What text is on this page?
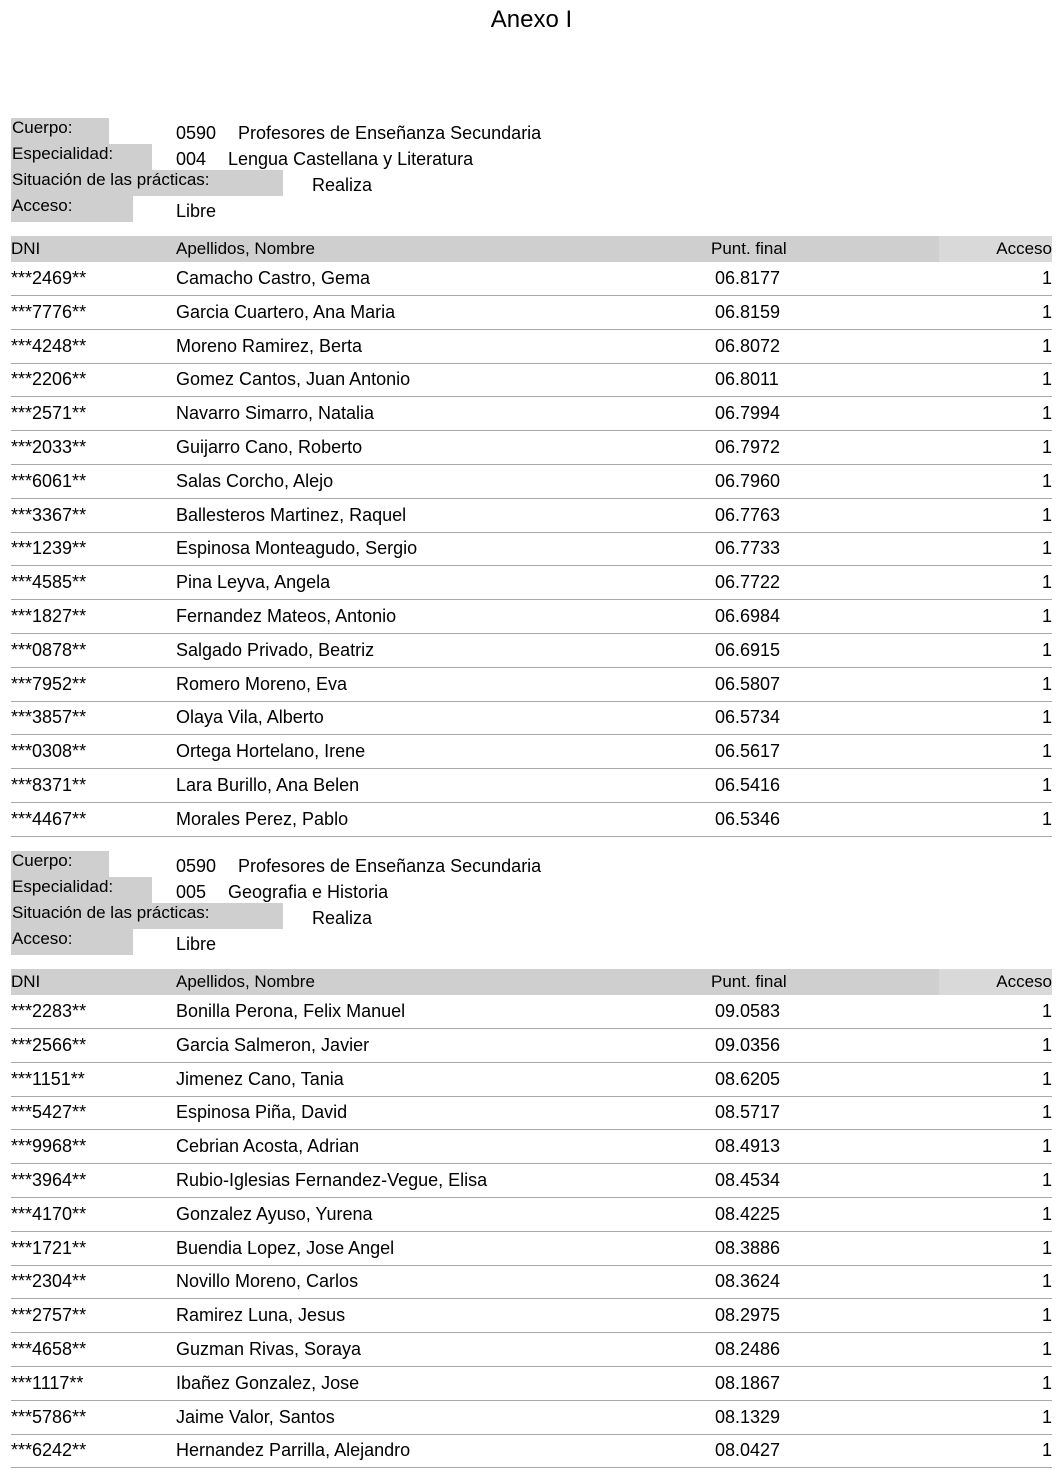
Anexo I
Cuerpo:	0590 Profesores de Enseñanza Secundaria
Especialidad:	004 Lengua Castellana y Literatura
Situación de las prácticas:	Realiza
Acceso:	Libre
DNI	Apellidos, Nombre	Punt. final	Acceso
***2469**	Camacho Castro, Gema	06.8177	1
***7776**	Garcia Cuartero, Ana Maria	06.8159	1
***4248**	Moreno Ramirez, Berta	06.8072	1
***2206**	Gomez Cantos, Juan Antonio	06.8011	1
***2571**	Navarro Simarro, Natalia	06.7994	1
***2033**	Guijarro Cano, Roberto	06.7972	1
***6061**	Salas Corcho, Alejo	06.7960	1
***3367**	Ballesteros Martinez, Raquel	06.7763	1
***1239**	Espinosa Monteagudo, Sergio	06.7733	1
***4585**	Pina Leyva, Angela	06.7722	1
***1827**	Fernandez Mateos, Antonio	06.6984	1
***0878**	Salgado Privado, Beatriz	06.6915	1
***7952**	Romero Moreno, Eva	06.5807	1
***3857**	Olaya Vila, Alberto	06.5734	1
***0308**	Ortega Hortelano, Irene	06.5617	1
***8371**	Lara Burillo, Ana Belen	06.5416	1
***4467**	Morales Perez, Pablo	06.5346	1
Cuerpo:	0590 Profesores de Enseñanza Secundaria
Especialidad:	005 Geografia e Historia
Situación de las prácticas:	Realiza
Acceso:	Libre
DNI	Apellidos, Nombre	Punt. final	Acceso
***2283**	Bonilla Perona, Felix Manuel	09.0583	1
***2566**	Garcia Salmeron, Javier	09.0356	1
***1151**	Jimenez Cano, Tania	08.6205	1
***5427**	Espinosa Piña, David	08.5717	1
***9968**	Cebrian Acosta, Adrian	08.4913	1
***3964**	Rubio-Iglesias Fernandez-Vegue, Elisa	08.4534	1
***4170**	Gonzalez Ayuso, Yurena	08.4225	1
***1721**	Buendia Lopez, Jose Angel	08.3886	1
***2304**	Novillo Moreno, Carlos	08.3624	1
***2757**	Ramirez Luna, Jesus	08.2975	1
***4658**	Guzman Rivas, Soraya	08.2486	1
***1117**	Ibañez Gonzalez, Jose	08.1867	1
***5786**	Jaime Valor, Santos	08.1329	1
***6242**	Hernandez Parrilla, Alejandro	08.0427	1
